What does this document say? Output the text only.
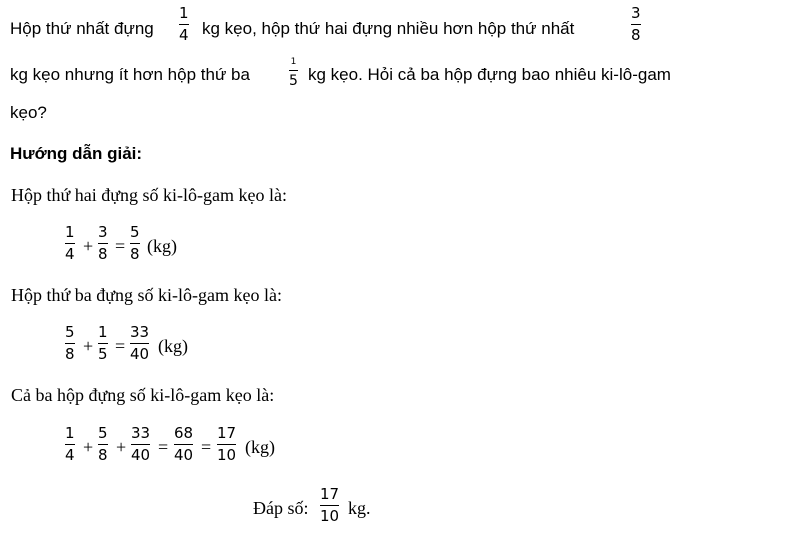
Hộp thứ nhất đựng
1
4 kg kẹo, hộp thứ hai đựng nhiều hơn hộp thứ nhất
3
8
kg kẹo nhưng ít hơn hộp thứ ba
1
5 kg kẹo. Hỏi cả ba hộp đựng bao nhiêu ki-lô-gam
kẹo?
Hướng dẫn giải:
Hộp thứ hai đựng số ki-lô-gam kẹo là:
1
4 +
3
8 =
5
8 (kg)
Hộp thứ ba đựng số ki-lô-gam kẹo là:
5
8 +
1
5 =
33
40 (kg)
Cả ba hộp đựng số ki-lô-gam kẹo là:
1
4 +
5
8 +
33
40 =
68
40 =
17
10 (kg)
Đáp số:
17
10 kg.
